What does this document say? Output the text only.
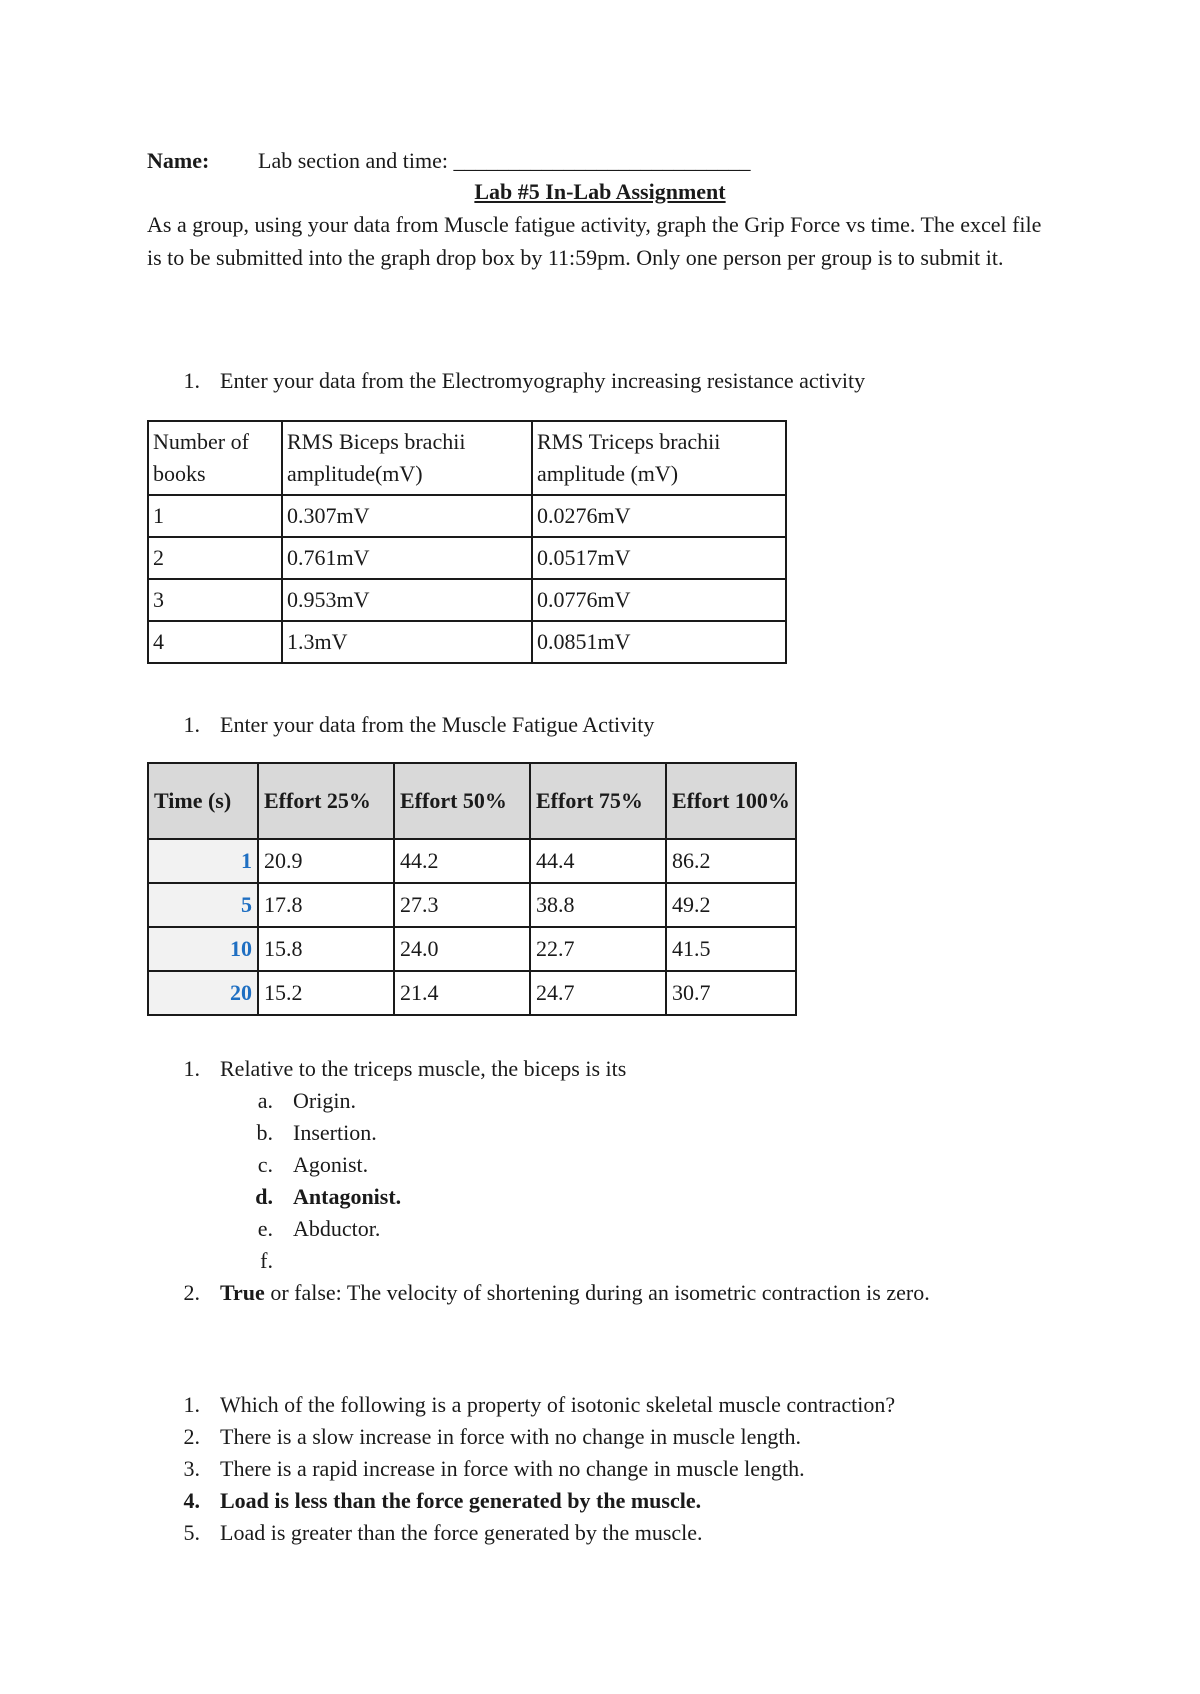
Name: Lab section and time: ___________________________
Lab #5 In-Lab Assignment
As a group, using your data from Muscle fatigue activity, graph the Grip Force vs time. The excel file is to be submitted into the graph drop box by 11:59pm. Only one person per group is to submit it.
1. Enter your data from the Electromyography increasing resistance activity
Number of books	RMS Biceps brachii amplitude(mV)	RMS Triceps brachii amplitude (mV)
1	0.307mV	0.0276mV
2	0.761mV	0.0517mV
3	0.953mV	0.0776mV
4	1.3mV	0.0851mV
1. Enter your data from the Muscle Fatigue Activity
Time (s)	Effort 25%	Effort 50%	Effort 75%	Effort 100%
1	20.9	44.2	44.4	86.2
5	17.8	27.3	38.8	49.2
10	15.8	24.0	22.7	41.5
20	15.2	21.4	24.7	30.7
1. Relative to the triceps muscle, the biceps is its
a. Origin.
b. Insertion.
c. Agonist.
d. Antagonist.
e. Abductor.
f.
2. True or false: The velocity of shortening during an isometric contraction is zero.
1. Which of the following is a property of isotonic skeletal muscle contraction?
2. There is a slow increase in force with no change in muscle length.
3. There is a rapid increase in force with no change in muscle length.
4. Load is less than the force generated by the muscle.
5. Load is greater than the force generated by the muscle.
